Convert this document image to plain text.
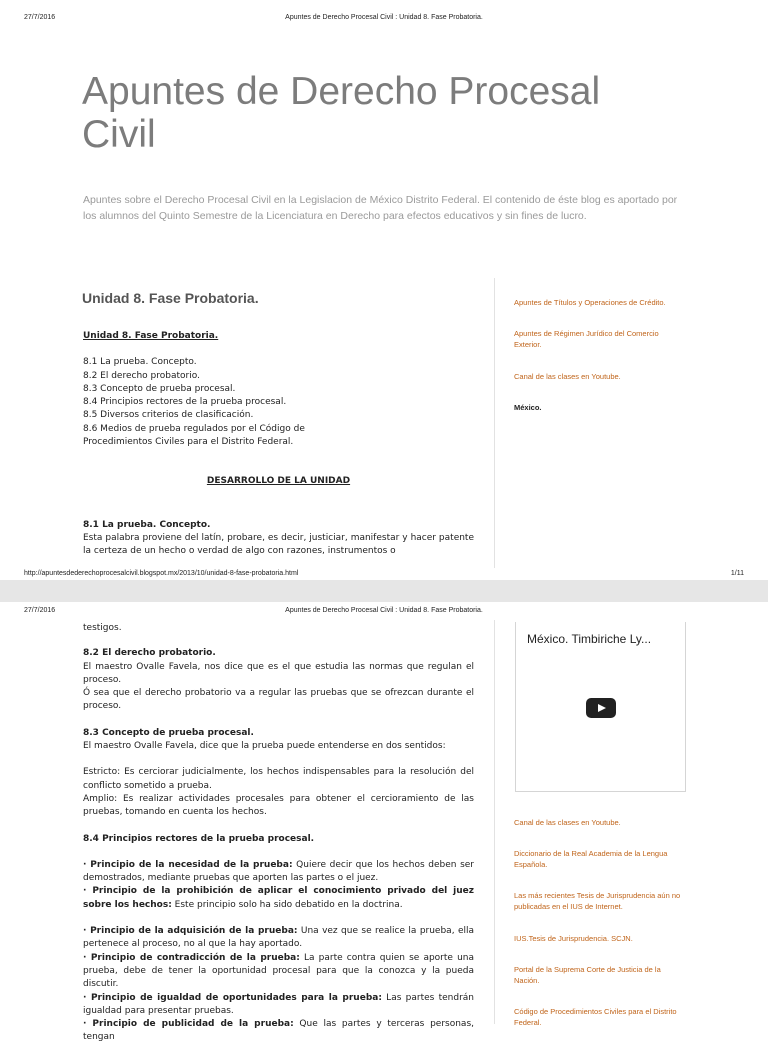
27/7/2016	Apuntes de Derecho Procesal Civil : Unidad 8. Fase Probatoria.
Apuntes de Derecho Procesal Civil
Apuntes sobre el Derecho Procesal Civil en la Legislacion de México Distrito Federal. El contenido de éste blog es aportado por los alumnos del Quinto Semestre de la Licenciatura en Derecho para efectos educativos y sin fines de lucro.
Unidad 8. Fase Probatoria.
Unidad 8. Fase Probatoria.
8.1 La prueba. Concepto.
8.2 El derecho probatorio.
8.3 Concepto de prueba procesal.
8.4 Principios rectores de la prueba procesal.
8.5 Diversos criterios de clasificación.
8.6 Medios de prueba regulados por el Código de Procedimientos Civiles para el Distrito Federal.
DESARROLLO DE LA UNIDAD
8.1 La prueba. Concepto.

Esta palabra proviene del latín, probare, es decir, justiciar, manifestar y hacer patente la certeza de un hecho o verdad de algo con razones, instrumentos o

Apuntes de Títulos y Operaciones de Crédito.
Apuntes de Régimen Jurídico del Comercio Exterior.
Canal de las clases en Youtube.
México.
http://apuntesdederechoprocesalcivil.blogspot.mx/2013/10/unidad-8-fase-probatoria.html	1/11
27/7/2016	Apuntes de Derecho Procesal Civil : Unidad 8. Fase Probatoria.
testigos.
8.2 El derecho probatorio.

El maestro Ovalle Favela, nos dice que es el que estudia las normas que regulan el proceso.

Ó sea que el derecho probatorio va a regular las pruebas que se ofrezcan durante el proceso.

8.3 Concepto de prueba procesal.

El maestro Ovalle Favela, dice que la prueba puede entenderse en dos sentidos:

Estricto: Es cerciorar judicialmente, los hechos indispensables para la resolución del conflicto sometido a prueba.

Amplio: Es realizar actividades procesales para obtener el cercioramiento de las pruebas, tomando en cuenta los hechos.

8.4 Principios rectores de la prueba procesal.

· Principio de la necesidad de la prueba: Quiere decir que los hechos deben ser demostrados, mediante pruebas que aporten las partes o el juez.

· Principio de la prohibición de aplicar el conocimiento privado del juez sobre los hechos: Este principio solo ha sido debatido en la doctrina.

· Principio de la adquisición de la prueba: Una vez que se realice la prueba, ella pertenece al proceso, no al que la hay aportado.

· Principio de contradicción de la prueba: La parte contra quien se aporte una prueba, debe de tener la oportunidad procesal para que la conozca y la pueda discutir.

· Principio de igualdad de oportunidades para la prueba: Las partes tendrán igualdad para presentar pruebas.

· Principio de publicidad de la prueba: Que las partes y terceras personas, tengan

México. Timbiriche Ly...
Canal de las clases en Youtube.
Diccionario de la Real Academia de la Lengua Española.
Las más recientes Tesis de Jurisprudencia aún no publicadas en el IUS de Internet.
IUS.Tesis de Jurisprudencia. SCJN.
Portal de la Suprema Corte de Justicia de la Nación.
Código de Procedimientos Civiles para el Distrito Federal.
